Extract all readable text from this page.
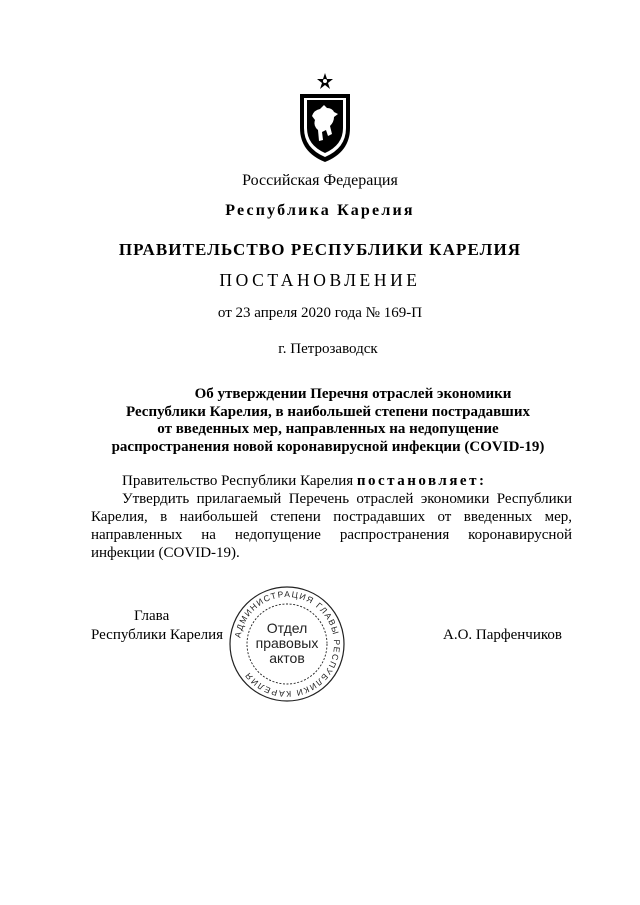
Российская Федерация
Республика Карелия
ПРАВИТЕЛЬСТВО РЕСПУБЛИКИ КАРЕЛИЯ
ПОСТАНОВЛЕНИЕ
от 23 апреля 2020 года № 169-П
г. Петрозаводск
Об утверждении Перечня отраслей экономики
Республики Карелия, в наибольшей степени пострадавших
от введенных мер, направленных на недопущение
распространения новой коронавирусной инфекции (COVID-19)
Правительство Республики Карелия постановляет:
Утвердить прилагаемый Перечень отраслей экономики Республики Карелия, в наибольшей степени пострадавших от введенных мер, направленных на недопущение распространения коронавирусной инфекции (COVID-19).
Глава
Республики Карелия	А.О. Парфенчиков
АДМИНИСТРАЦИЯ ГЛАВЫ РЕСПУБЛИКИ КАРЕЛИЯ
Отдел
правовых
актов
